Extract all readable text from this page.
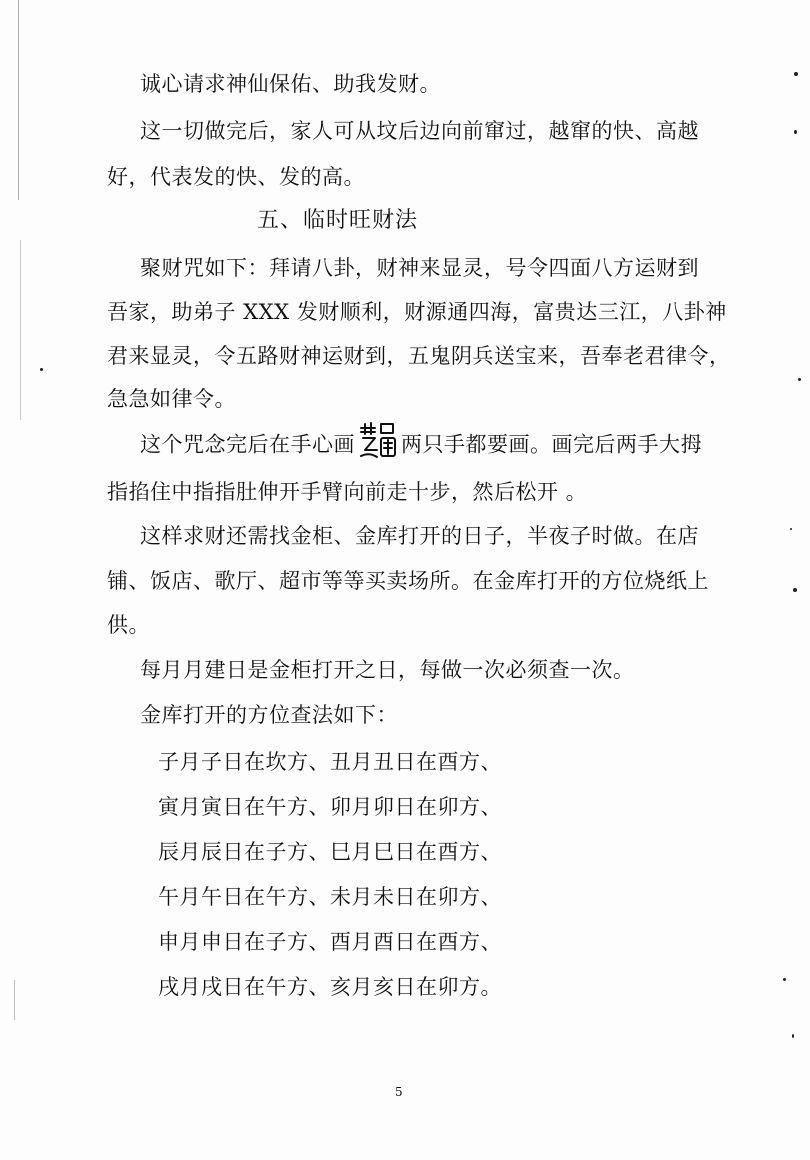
诚心请求神仙保佑、助我发财。
这一切做完后，家人可从坟后边向前窜过，越窜的快、高越
好，代表发的快、发的高。
五、临时旺财法
聚财咒如下：拜请八卦，财神来显灵，号令四面八方运财到
吾家，助弟子 XXX 发财顺利，财源通四海，富贵达三江，八卦神
君来显灵，令五路财神运财到，五鬼阴兵送宝来，吾奉老君律令，
急急如律令。
这个咒念完后在手心画 两只手都要画。画完后两手大拇
指掐住中指指肚伸开手臂向前走十步，然后松开 。
这样求财还需找金柜、金库打开的日子，半夜子时做。在店
铺、饭店、歌厅、超市等等买卖场所。在金库打开的方位烧纸上
供。
每月月建日是金柜打开之日，每做一次必须查一次。
金库打开的方位查法如下：
子月子日在坎方、丑月丑日在酉方、
寅月寅日在午方、卯月卯日在卯方、
辰月辰日在子方、巳月巳日在酉方、
午月午日在午方、未月未日在卯方、
申月申日在子方、酉月酉日在酉方、
戌月戌日在午方、亥月亥日在卯方。
5
